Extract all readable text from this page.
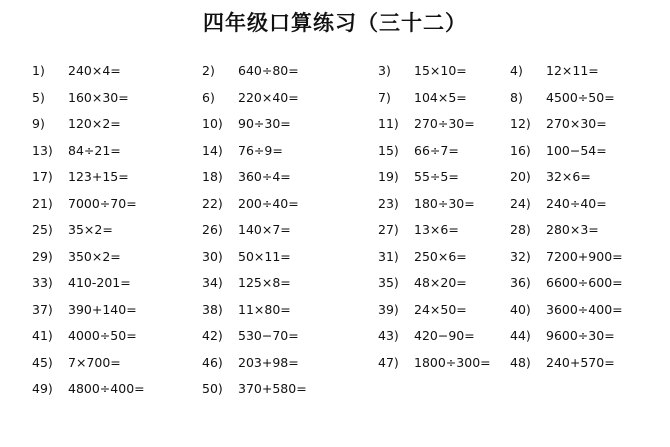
四年级口算练习（三十二）
1) 240×4=	2) 640÷80=	3) 15×10=	4) 12×11=
5) 160×30=	6) 220×40=	7) 104×5=	8) 4500÷50=
9) 120×2=	10) 90÷30=	11) 270÷30=	12) 270×30=
13) 84÷21=	14) 76÷9=	15) 66÷7=	16) 100−54=
17) 123+15=	18) 360÷4=	19) 55÷5=	20) 32×6=
21) 7000÷70=	22) 200÷40=	23) 180÷30=	24) 240÷40=
25) 35×2=	26) 140×7=	27) 13×6=	28) 280×3=
29) 350×2=	30) 50×11=	31) 250×6=	32) 7200+900=
33) 410-201=	34) 125×8=	35) 48×20=	36) 6600÷600=
37) 390+140=	38) 11×80=	39) 24×50=	40) 3600÷400=
41) 4000÷50=	42) 530−70=	43) 420−90=	44) 9600÷30=
45) 7×700=	46) 203+98=	47) 1800÷300= 48) 240+570=
49) 4800÷400=	50) 370+580=
